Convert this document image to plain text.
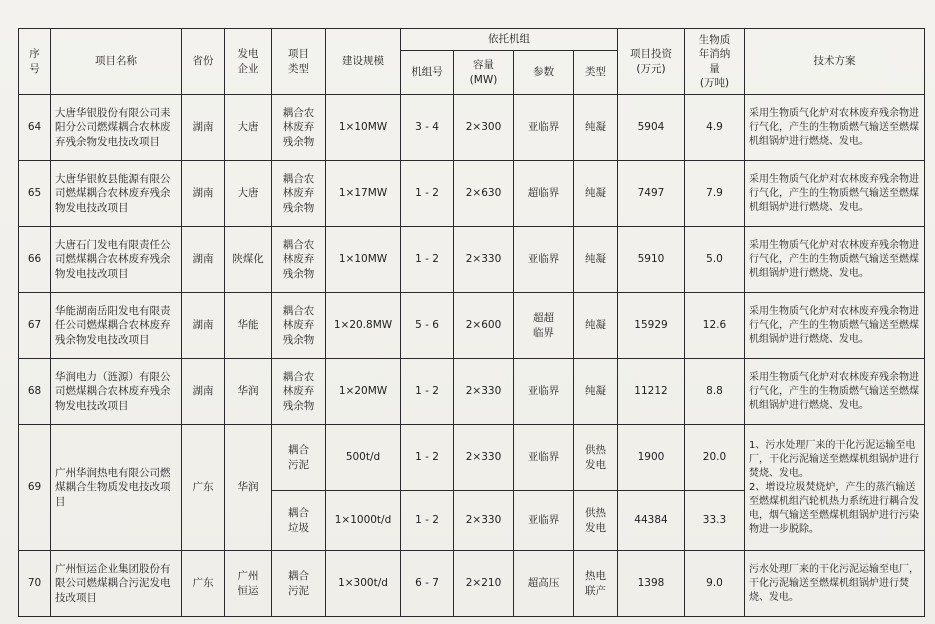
序
号	项目名称	省份	发电
企业	项目
类型	建设规模	依托机组				项目投资
(万元)	生物质
年消纳
量
(万吨)	技术方案
						机组号	容量
(MW)	参数	类型			
64	大唐华银股份有限公司耒阳分公司燃煤耦合农林废弃残余物发电技改项目	湖南	大唐	耦合农
林废弃
残余物	1×10MW	3 - 4	2×300	亚临界	纯凝	5904	4.9	采用生物质气化炉对农林废弃残余物进行气化，产生的生物质燃气输送至燃煤机组锅炉进行燃烧、发电。
65	大唐华银攸县能源有限公司燃煤耦合农林废弃残余物发电技改项目	湖南	大唐	耦合农
林废弃
残余物	1×17MW	1 - 2	2×630	超临界	纯凝	7497	7.9	采用生物质气化炉对农林废弃残余物进行气化，产生的生物质燃气输送至燃煤机组锅炉进行燃烧、发电。
66	大唐石门发电有限责任公司燃煤耦合农林废弃残余物发电技改项目	湖南	陕煤化	耦合农
林废弃
残余物	1×10MW	1 - 2	2×330	亚临界	纯凝	5910	5.0	采用生物质气化炉对农林废弃残余物进行气化，产生的生物质燃气输送至燃煤机组锅炉进行燃烧、发电。
67	华能湖南岳阳发电有限责任公司燃煤耦合农林废弃残余物发电技改项目	湖南	华能	耦合农
林废弃
残余物	1×20.8MW	5 - 6	2×600	超超
临界	纯凝	15929	12.6	采用生物质气化炉对农林废弃残余物进行气化，产生的生物质燃气输送至燃煤机组锅炉进行燃烧、发电。
68	华润电力（涟源）有限公司燃煤耦合农林废弃残余物发电技改项目	湖南	华润	耦合农
林废弃
残余物	1×20MW	1 - 2	2×330	亚临界	纯凝	11212	8.8	采用生物质气化炉对农林废弃残余物进行气化，产生的生物质燃气输送至燃煤机组锅炉进行燃烧、发电。
69	广州华润热电有限公司燃煤耦合生物质发电技改项目	广东	华润	耦合
污泥	500t/d	1 - 2	2×330	亚临界	供热
发电	1900	20.0	1、污水处理厂来的干化污泥运输至电厂，干化污泥输送至燃煤机组锅炉进行焚烧、发电。
2、增设垃圾焚烧炉，产生的蒸汽输送至燃煤机组汽轮机热力系统进行耦合发电，烟气输送至燃煤机组锅炉进行污染物进一步脱除。
				耦合
垃圾	1×1000t/d	1 - 2	2×330	亚临界	供热
发电	44384	33.3	
70	广州恒运企业集团股份有限公司燃煤耦合污泥发电技改项目	广东	广州
恒运	耦合
污泥	1×300t/d	6 - 7	2×210	超高压	热电
联产	1398	9.0	污水处理厂来的干化污泥运输至电厂，干化污泥输送至燃煤机组锅炉进行焚烧、发电。
